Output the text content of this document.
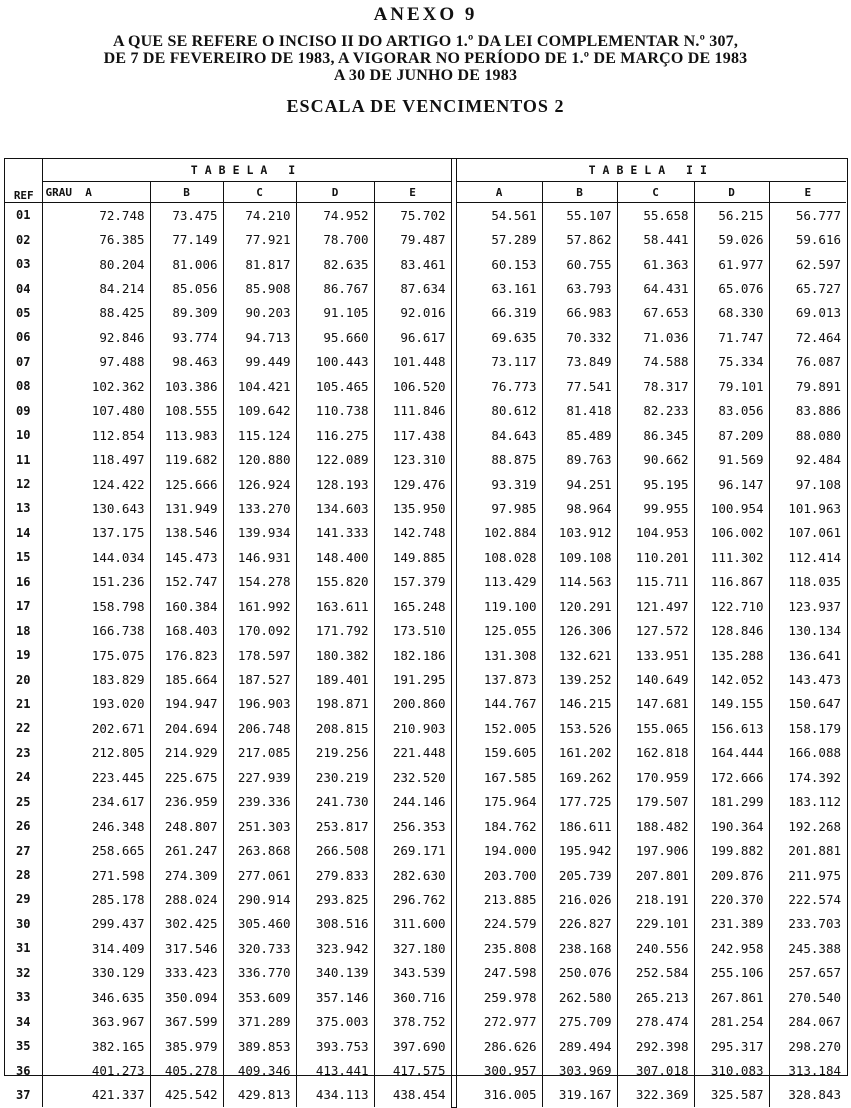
ANEXO 9
A QUE SE REFERE O INCISO II DO ARTIGO 1.º DA LEI COMPLEMENTAR N.º 307,
DE 7 DE FEVEREIRO DE 1983, A VIGORAR NO PERÍODO DE 1.º DE MARÇO DE 1983
A 30 DE JUNHO DE 1983
ESCALA DE VENCIMENTOS 2
	TABELA I						TABELA II				
REF	GRAU A	B	C	D	E		A	B	C	D	E
01	72.748	73.475	74.210	74.952	75.702		54.561	55.107	55.658	56.215	56.777
02	76.385	77.149	77.921	78.700	79.487		57.289	57.862	58.441	59.026	59.616
03	80.204	81.006	81.817	82.635	83.461		60.153	60.755	61.363	61.977	62.597
04	84.214	85.056	85.908	86.767	87.634		63.161	63.793	64.431	65.076	65.727
05	88.425	89.309	90.203	91.105	92.016		66.319	66.983	67.653	68.330	69.013
06	92.846	93.774	94.713	95.660	96.617		69.635	70.332	71.036	71.747	72.464
07	97.488	98.463	99.449	100.443	101.448		73.117	73.849	74.588	75.334	76.087
08	102.362	103.386	104.421	105.465	106.520		76.773	77.541	78.317	79.101	79.891
09	107.480	108.555	109.642	110.738	111.846		80.612	81.418	82.233	83.056	83.886
10	112.854	113.983	115.124	116.275	117.438		84.643	85.489	86.345	87.209	88.080
11	118.497	119.682	120.880	122.089	123.310		88.875	89.763	90.662	91.569	92.484
12	124.422	125.666	126.924	128.193	129.476		93.319	94.251	95.195	96.147	97.108
13	130.643	131.949	133.270	134.603	135.950		97.985	98.964	99.955	100.954	101.963
14	137.175	138.546	139.934	141.333	142.748		102.884	103.912	104.953	106.002	107.061
15	144.034	145.473	146.931	148.400	149.885		108.028	109.108	110.201	111.302	112.414
16	151.236	152.747	154.278	155.820	157.379		113.429	114.563	115.711	116.867	118.035
17	158.798	160.384	161.992	163.611	165.248		119.100	120.291	121.497	122.710	123.937
18	166.738	168.403	170.092	171.792	173.510		125.055	126.306	127.572	128.846	130.134
19	175.075	176.823	178.597	180.382	182.186		131.308	132.621	133.951	135.288	136.641
20	183.829	185.664	187.527	189.401	191.295		137.873	139.252	140.649	142.052	143.473
21	193.020	194.947	196.903	198.871	200.860		144.767	146.215	147.681	149.155	150.647
22	202.671	204.694	206.748	208.815	210.903		152.005	153.526	155.065	156.613	158.179
23	212.805	214.929	217.085	219.256	221.448		159.605	161.202	162.818	164.444	166.088
24	223.445	225.675	227.939	230.219	232.520		167.585	169.262	170.959	172.666	174.392
25	234.617	236.959	239.336	241.730	244.146		175.964	177.725	179.507	181.299	183.112
26	246.348	248.807	251.303	253.817	256.353		184.762	186.611	188.482	190.364	192.268
27	258.665	261.247	263.868	266.508	269.171		194.000	195.942	197.906	199.882	201.881
28	271.598	274.309	277.061	279.833	282.630		203.700	205.739	207.801	209.876	211.975
29	285.178	288.024	290.914	293.825	296.762		213.885	216.026	218.191	220.370	222.574
30	299.437	302.425	305.460	308.516	311.600		224.579	226.827	229.101	231.389	233.703
31	314.409	317.546	320.733	323.942	327.180		235.808	238.168	240.556	242.958	245.388
32	330.129	333.423	336.770	340.139	343.539		247.598	250.076	252.584	255.106	257.657
33	346.635	350.094	353.609	357.146	360.716		259.978	262.580	265.213	267.861	270.540
34	363.967	367.599	371.289	375.003	378.752		272.977	275.709	278.474	281.254	284.067
35	382.165	385.979	389.853	393.753	397.690		286.626	289.494	292.398	295.317	298.270
36	401.273	405.278	409.346	413.441	417.575		300.957	303.969	307.018	310.083	313.184
37	421.337	425.542	429.813	434.113	438.454		316.005	319.167	322.369	325.587	328.843
